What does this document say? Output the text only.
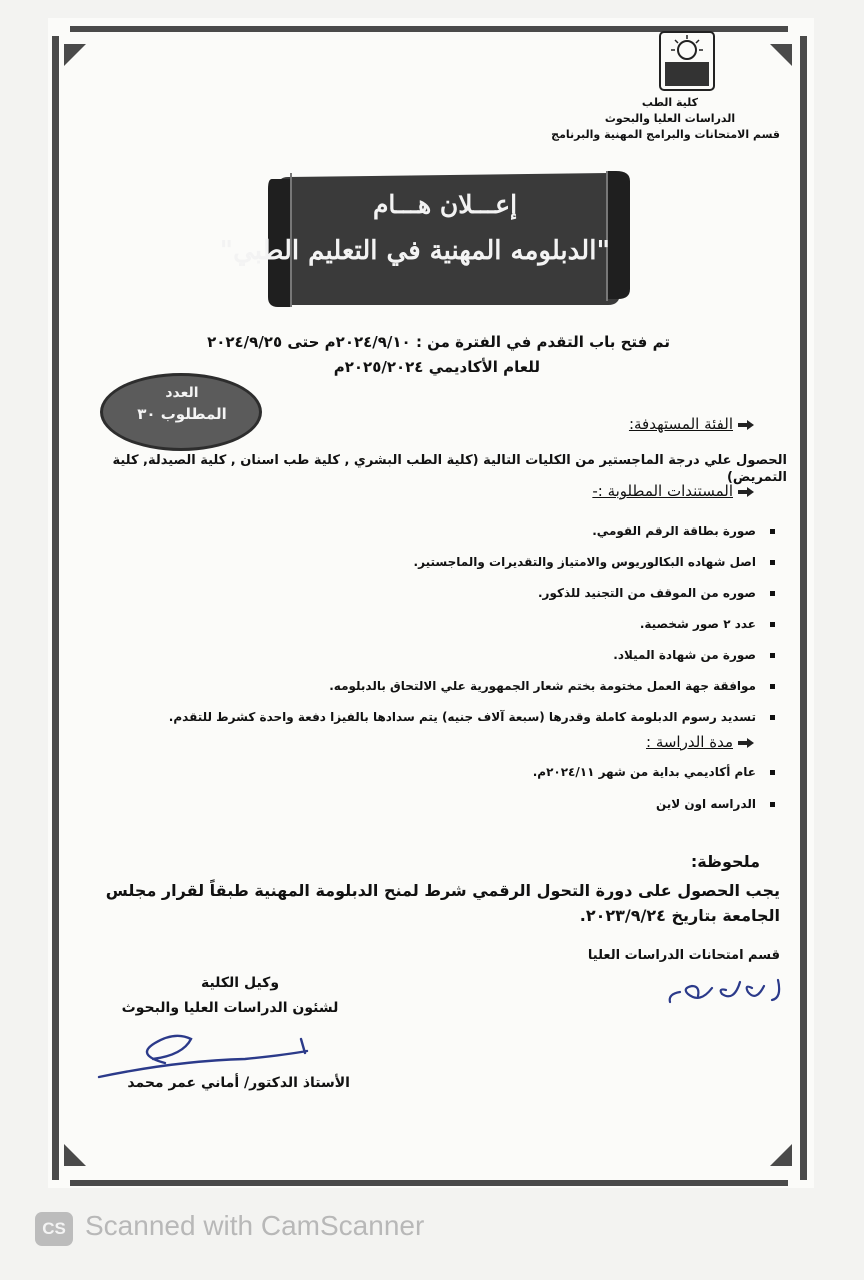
كلية الطب
الدراسات العليا والبحوث
قسم الامتحانات والبرامج المهنية والبرنامج
إعـــلان هـــام
"الدبلومه المهنية في التعليم الطبي"
تم فتح باب التقدم في الفترة من : ٢٠٢٤/٩/١٠م حتى ٢٠٢٤/٩/٢٥
للعام الأكاديمي ٢٠٢٥/٢٠٢٤م
العدد
المطلوب ٣٠
الفئة المستهدفة:
الحصول علي درجة الماجستير من الكليات التالية (كلية الطب البشري , كلية طب اسنان , كلية الصيدلة, كلية التمريض)
المستندات المطلوبة :-
صورة بطاقة الرقم القومي.
اصل شهاده البكالوريوس والامتياز والتقديرات والماجستير.
صوره من الموقف من التجنيد للذكور.
عدد ٢ صور شخصية.
صورة من شهادة الميلاد.
موافقة جهة العمل مختومة بختم شعار الجمهورية علي الالتحاق بالدبلومه.
تسديد رسوم الدبلومة كاملة وقدرها (سبعة آلاف جنيه) يتم سدادها بالفيزا دفعة واحدة كشرط للتقدم.
مدة الدراسة :
عام أكاديمي بداية من شهر ٢٠٢٤/١١م.
الدراسه اون لاين
ملحوظة:
يجب الحصول على دورة التحول الرقمي شرط لمنح الدبلومة المهنية طبقاً لقرار مجلس الجامعة بتاريخ ٢٠٢٣/٩/٢٤.
قسم امتحانات الدراسات العليا
وكيل الكلية
لشئون الدراسات العليا والبحوث
الأستاذ الدكتور/ أماني عمر محمد
CS Scanned with CamScanner
